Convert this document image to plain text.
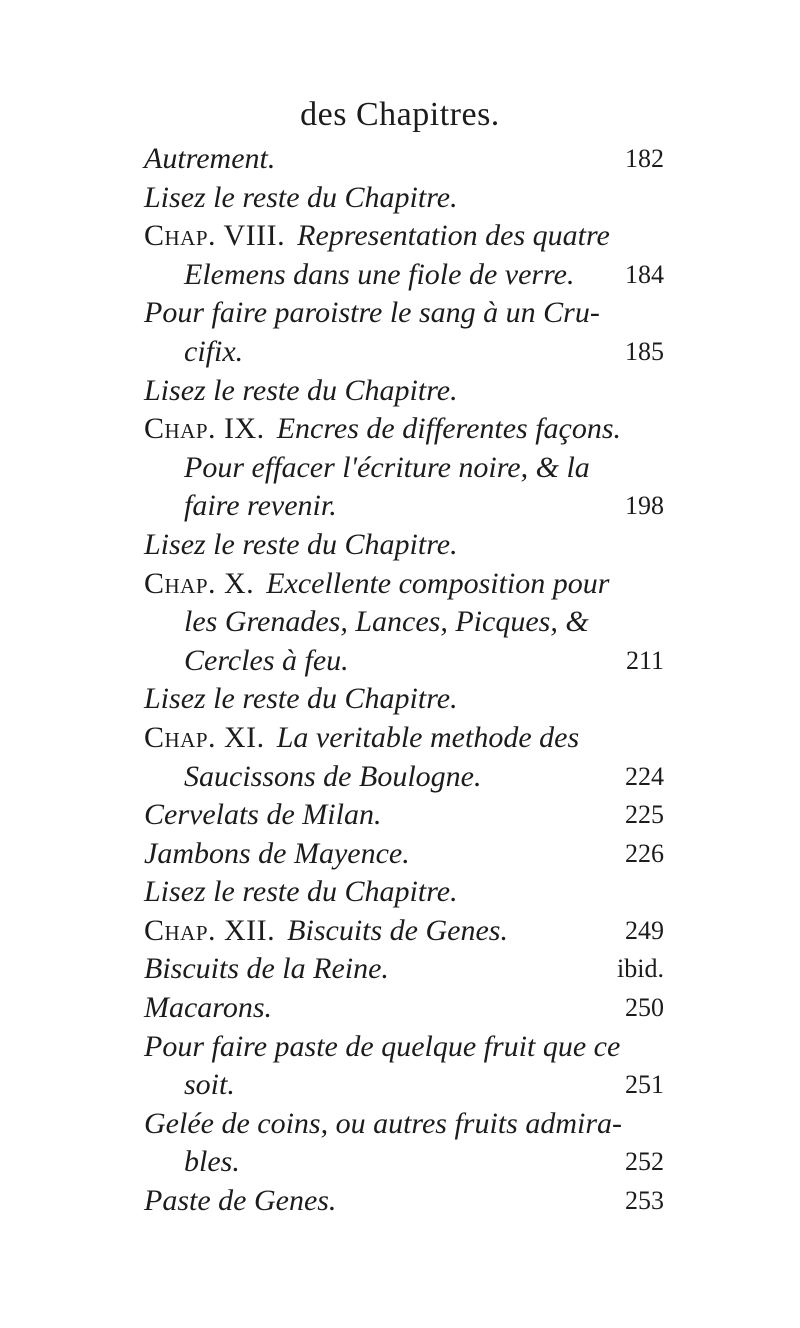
des Chapitres.
Autrement.	182
Lisez le reste du Chapitre.
Chap. VIII. Representation des quatre
Elemens dans une fiole de verre. 184
Pour faire paroistre le sang à un Cru-
cifix.	185
Lisez le reste du Chapitre.
Chap. IX. Encres de differentes façons.
Pour effacer l'écriture noire, & la
faire revenir.	198
Lisez le reste du Chapitre.
Chap. X. Excellente composition pour
les Grenades, Lances, Picques, &
Cercles à feu.	211
Lisez le reste du Chapitre.
Chap. XI. La veritable methode des
Saucissons de Boulogne.	224
Cervelats de Milan.	225
Jambons de Mayence.	226
Lisez le reste du Chapitre.
Chap. XII. Biscuits de Genes.	249
Biscuits de la Reine.	ibid.
Macarons.	250
Pour faire paste de quelque fruit que ce
soit.	251
Gelée de coins, ou autres fruits admira-
bles.	252
Paste de Genes.	253
